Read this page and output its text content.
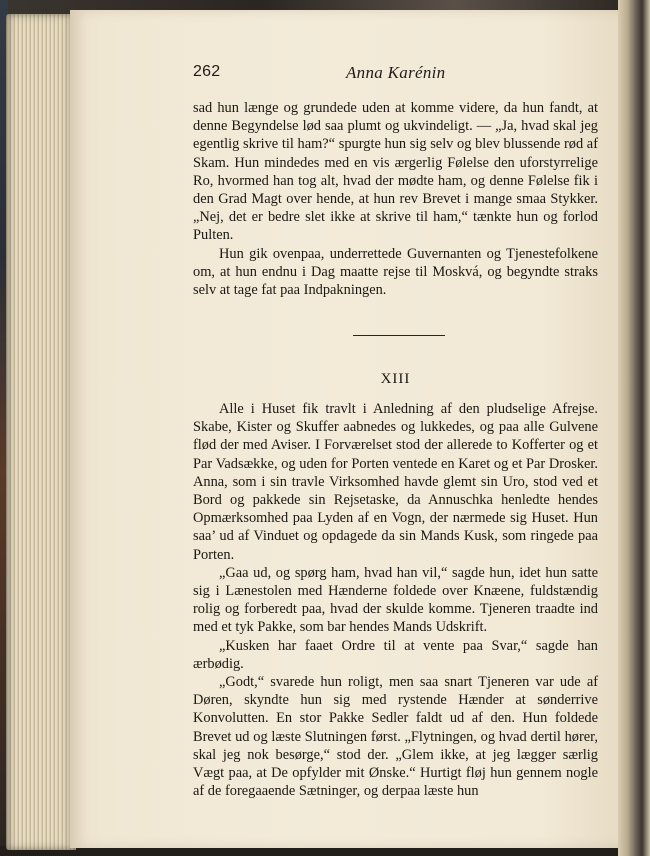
262	Anna Karénin

sad hun længe og grundede uden at komme videre, da hun fandt, at denne Begyndelse lød saa plumt og ukvindeligt. — „Ja, hvad skal jeg egentlig skrive til ham?“ spurgte hun sig selv og blev blussende rød af Skam. Hun mindedes med en vis ærgerlig Følelse den uforstyrrelige Ro, hvormed han tog alt, hvad der mødte ham, og denne Følelse fik i den Grad Magt over hende, at hun rev Brevet i mange smaa Stykker. „Nej, det er bedre slet ikke at skrive til ham,“ tænkte hun og forlod Pulten.

Hun gik ovenpaa, underrettede Guvernanten og Tjenestefolkene om, at hun endnu i Dag maatte rejse til Moskvá, og begyndte straks selv at tage fat paa Indpakningen.

XIII

Alle i Huset fik travlt i Anledning af den pludselige Afrejse. Skabe, Kister og Skuffer aabnedes og lukkedes, og paa alle Gulvene flød der med Aviser. I Forværelset stod der allerede to Kofferter og et Par Vadsække, og uden for Porten ventede en Karet og et Par Drosker. Anna, som i sin travle Virksomhed havde glemt sin Uro, stod ved et Bord og pakkede sin Rejsetaske, da Annuschka henledte hendes Opmærksomhed paa Lyden af en Vogn, der nærmede sig Huset. Hun saa’ ud af Vinduet og opdagede da sin Mands Kusk, som ringede paa Porten.

„Gaa ud, og spørg ham, hvad han vil,“ sagde hun, idet hun satte sig i Lænestolen med Hænderne foldede over Knæene, fuldstændig rolig og forberedt paa, hvad der skulde komme. Tjeneren traadte ind med et tyk Pakke, som bar hendes Mands Udskrift.

„Kusken har faaet Ordre til at vente paa Svar,“ sagde han ærbødig.

„Godt,“ svarede hun roligt, men saa snart Tjeneren var ude af Døren, skyndte hun sig med rystende Hænder at sønderrive Konvolutten. En stor Pakke Sedler faldt ud af den. Hun foldede Brevet ud og læste Slutningen først. „Flytningen, og hvad dertil hører, skal jeg nok besørge,“ stod der. „Glem ikke, at jeg lægger særlig Vægt paa, at De opfylder mit Ønske.“ Hurtigt fløj hun gennem nogle af de foregaaende Sætninger, og derpaa læste hun
